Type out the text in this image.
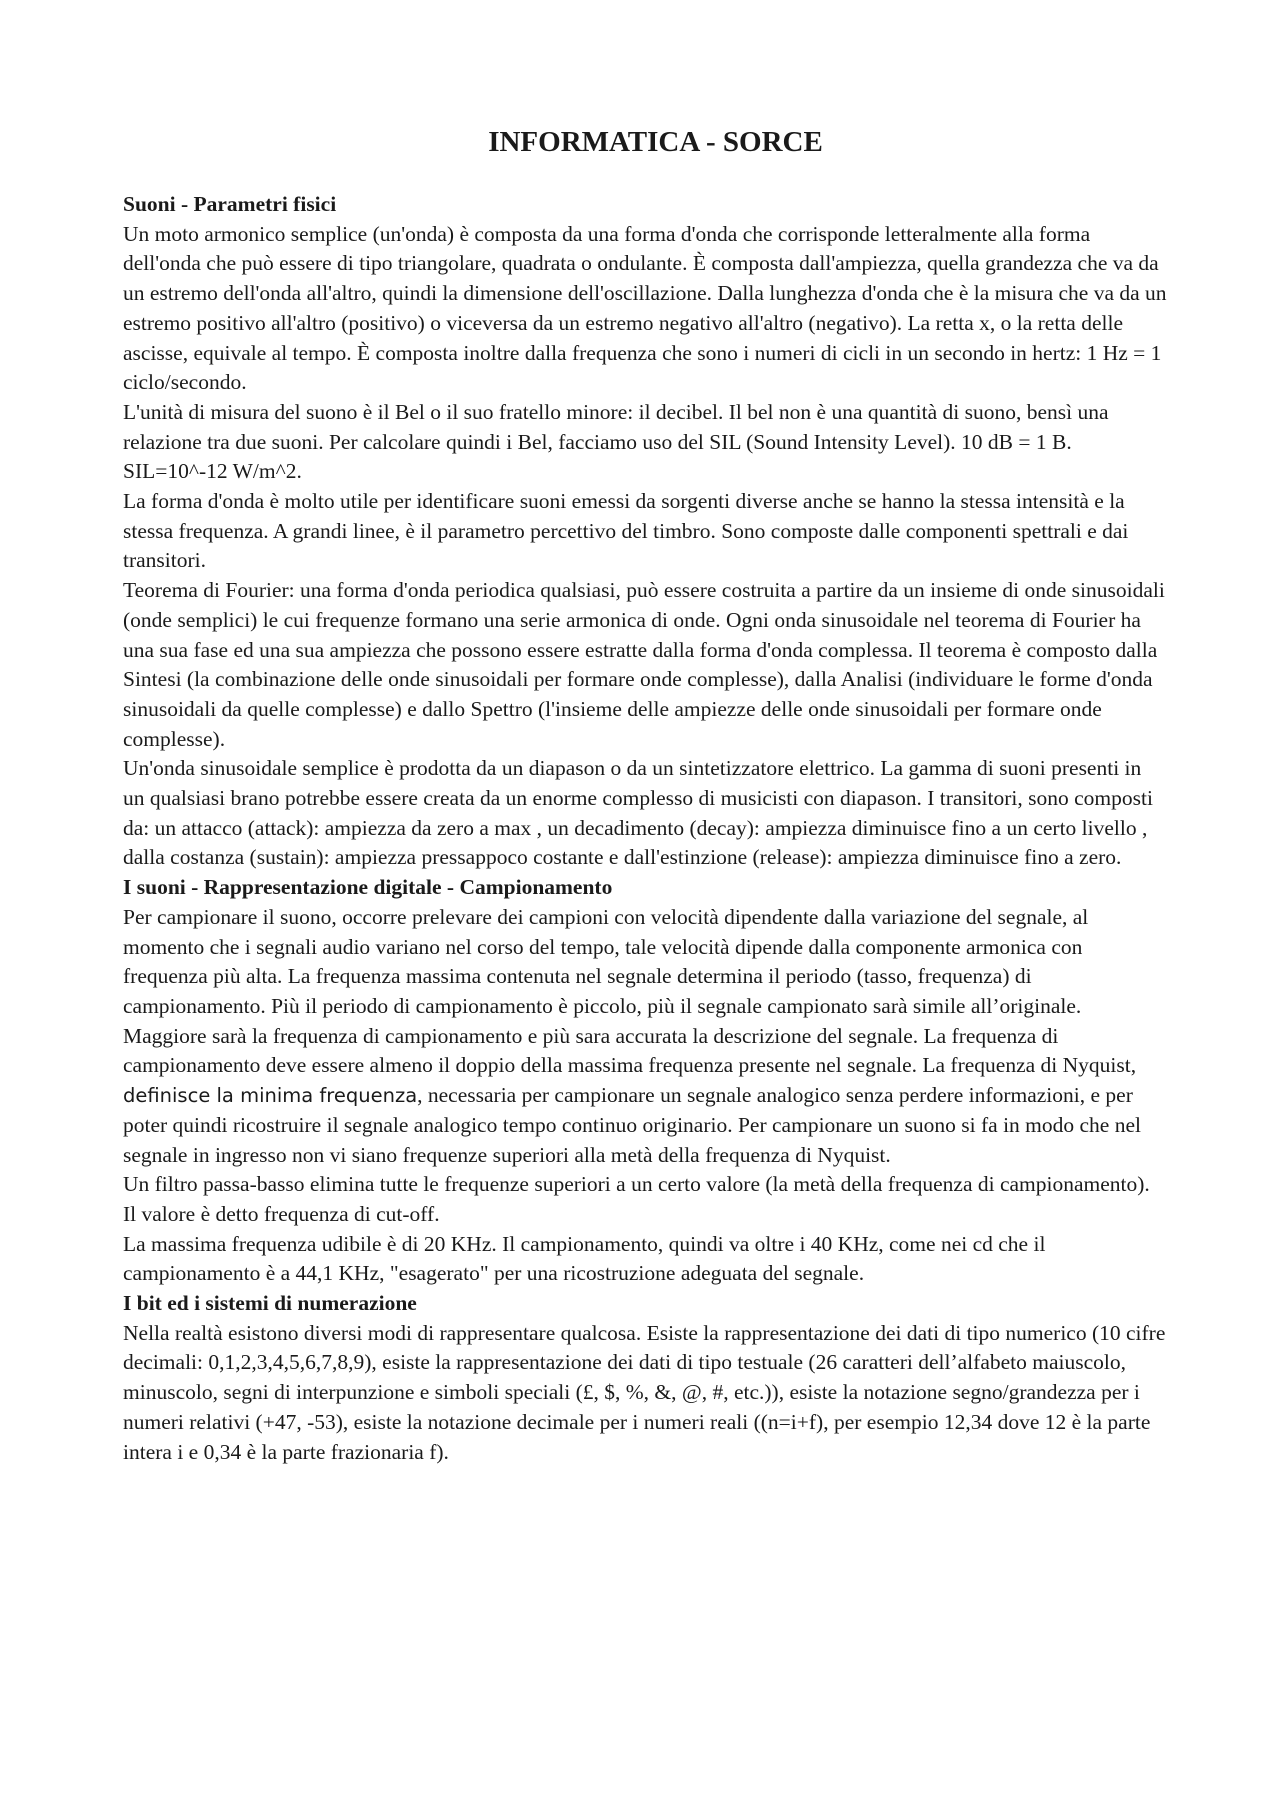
INFORMATICA - SORCE

Suoni - Parametri fisici

Un moto armonico semplice (un'onda) è composta da una forma d'onda che corrisponde letteralmente alla forma dell'onda che può essere di tipo triangolare, quadrata o ondulante. È composta dall'ampiezza, quella grandezza che va da un estremo dell'onda all'altro, quindi la dimensione dell'oscillazione. Dalla lunghezza d'onda che è la misura che va da un estremo positivo all'altro (positivo) o viceversa da un estremo negativo all'altro (negativo). La retta x, o la retta delle ascisse, equivale al tempo. È composta inoltre dalla frequenza che sono i numeri di cicli in un secondo in hertz: 1 Hz = 1 ciclo/secondo.

L'unità di misura del suono è il Bel o il suo fratello minore: il decibel. Il bel non è una quantità di suono, bensì una relazione tra due suoni. Per calcolare quindi i Bel, facciamo uso del SIL (Sound Intensity Level). 10 dB = 1 B.

SIL=10^-12 W/m^2.

La forma d'onda è molto utile per identificare suoni emessi da sorgenti diverse anche se hanno la stessa intensità e la stessa frequenza. A grandi linee, è il parametro percettivo del timbro. Sono composte dalle componenti spettrali e dai transitori.

Teorema di Fourier: una forma d'onda periodica qualsiasi, può essere costruita a partire da un insieme di onde sinusoidali (onde semplici) le cui frequenze formano una serie armonica di onde. Ogni onda sinusoidale nel teorema di Fourier ha una sua fase ed una sua ampiezza che possono essere estratte dalla forma d'onda complessa. Il teorema è composto dalla Sintesi (la combinazione delle onde sinusoidali per formare onde complesse), dalla Analisi (individuare le forme d'onda sinusoidali da quelle complesse) e dallo Spettro (l'insieme delle ampiezze delle onde sinusoidali per formare onde complesse).

Un'onda sinusoidale semplice è prodotta da un diapason o da un sintetizzatore elettrico. La gamma di suoni presenti in un qualsiasi brano potrebbe essere creata da un enorme complesso di musicisti con diapason. I transitori, sono composti da: un attacco (attack): ampiezza da zero a max , un decadimento (decay): ampiezza diminuisce fino a un certo livello , dalla costanza (sustain): ampiezza pressappoco costante e dall'estinzione (release): ampiezza diminuisce fino a zero.

I suoni - Rappresentazione digitale - Campionamento

Per campionare il suono, occorre prelevare dei campioni con velocità dipendente dalla variazione del segnale, al momento che i segnali audio variano nel corso del tempo, tale velocità dipende dalla componente armonica con frequenza più alta. La frequenza massima contenuta nel segnale determina il periodo (tasso, frequenza) di campionamento. Più il periodo di campionamento è piccolo, più il segnale campionato sarà simile all’originale. Maggiore sarà la frequenza di campionamento e più sara accurata la descrizione del segnale. La frequenza di campionamento deve essere almeno il doppio della massima frequenza presente nel segnale. La frequenza di Nyquist, definisce la minima frequenza, necessaria per campionare un segnale analogico senza perdere informazioni, e per poter quindi ricostruire il segnale analogico tempo continuo originario. Per campionare un suono si fa in modo che nel segnale in ingresso non vi siano frequenze superiori alla metà della frequenza di Nyquist.

Un filtro passa-basso elimina tutte le frequenze superiori a un certo valore (la metà della frequenza di campionamento). Il valore è detto frequenza di cut-off.

La massima frequenza udibile è di 20 KHz. Il campionamento, quindi va oltre i 40 KHz, come nei cd che il campionamento è a 44,1 KHz, "esagerato" per una ricostruzione adeguata del segnale.

I bit ed i sistemi di numerazione

Nella realtà esistono diversi modi di rappresentare qualcosa. Esiste la rappresentazione dei dati di tipo numerico (10 cifre decimali: 0,1,2,3,4,5,6,7,8,9), esiste la rappresentazione dei dati di tipo testuale (26 caratteri dell’alfabeto maiuscolo, minuscolo, segni di interpunzione e simboli speciali (£, $, %, &, @, #, etc.)), esiste la notazione segno/grandezza per i numeri relativi (+47, -53), esiste la notazione decimale per i numeri reali ((n=i+f), per esempio 12,34 dove 12 è la parte intera i e 0,34 è la parte frazionaria f).
